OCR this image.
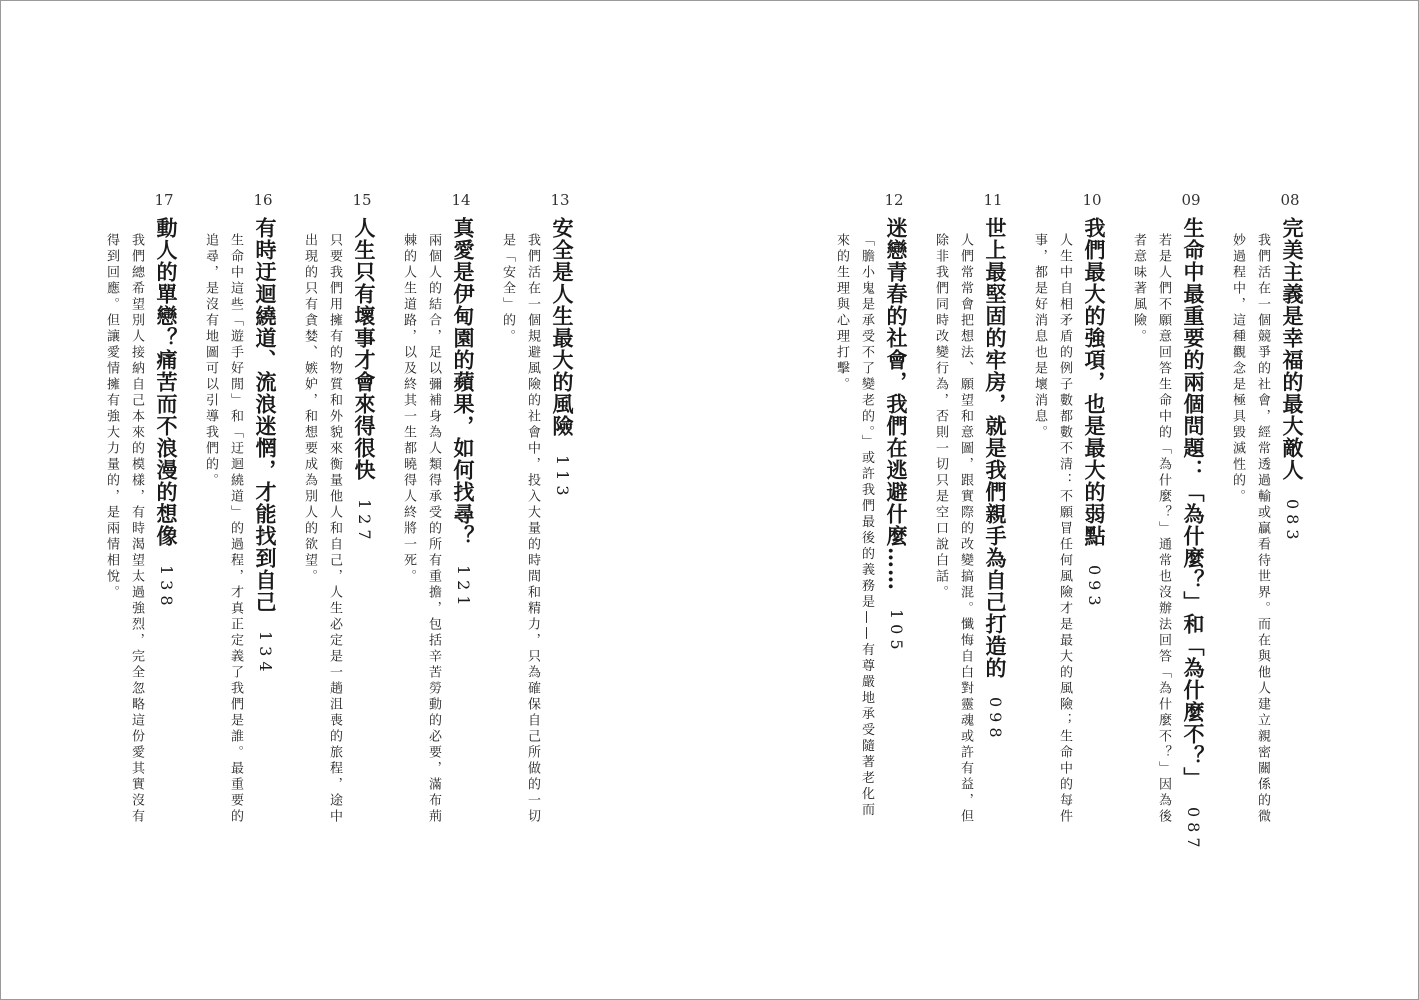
13
安全是人生最大的風險113
我們活在一個規避風險的社會中，投入大量的時間和精力，只為確保自己所做的一切是「安全」的。
14
真愛是伊甸園的蘋果，如何找尋？121
兩個人的結合，足以彌補身為人類得承受的所有重擔，包括辛苦勞動的必要，滿布荊棘的人生道路，以及終其一生都曉得人終將一死。
15
人生只有壞事才會來得很快127
只要我們用擁有的物質和外貌來衡量他人和自己，人生必定是一趟沮喪的旅程，途中出現的只有貪婪、嫉妒，和想要成為別人的欲望。
16
有時迂迴繞道、流浪迷惘，才能找到自己134
生命中這些「遊手好閒」和「迂迴繞道」的過程，才真正定義了我們是誰。最重要的追尋，是沒有地圖可以引導我們的。
17
動人的單戀？痛苦而不浪漫的想像138
我們總希望別人接納自己本來的模樣，有時渴望太過強烈，完全忽略這份愛其實沒有得到回應。但讓愛情擁有強大力量的，是兩情相悅。
08
完美主義是幸福的最大敵人083
我們活在一個競爭的社會，經常透過輸或贏看待世界。而在與他人建立親密關係的微妙過程中，這種觀念是極具毀滅性的。
09
生命中最重要的兩個問題：「為什麼？」和「為什麼不？」087
若是人們不願意回答生命中的「為什麼？」通常也沒辦法回答「為什麼不？」因為後者意味著風險。
10
我們最大的強項，也是最大的弱點093
人生中自相矛盾的例子數都數不清：不願冒任何風險才是最大的風險；生命中的每件事，都是好消息也是壞消息。
11
世上最堅固的牢房，就是我們親手為自己打造的098
人們常常會把想法、願望和意圖，跟實際的改變搞混。懺悔自白對靈魂或許有益，但除非我們同時改變行為，否則一切只是空口說白話。
12
迷戀青春的社會，我們在逃避什麼……105
「膽小鬼是承受不了變老的。」或許我們最後的義務是——有尊嚴地承受隨著老化而來的生理與心理打擊。
